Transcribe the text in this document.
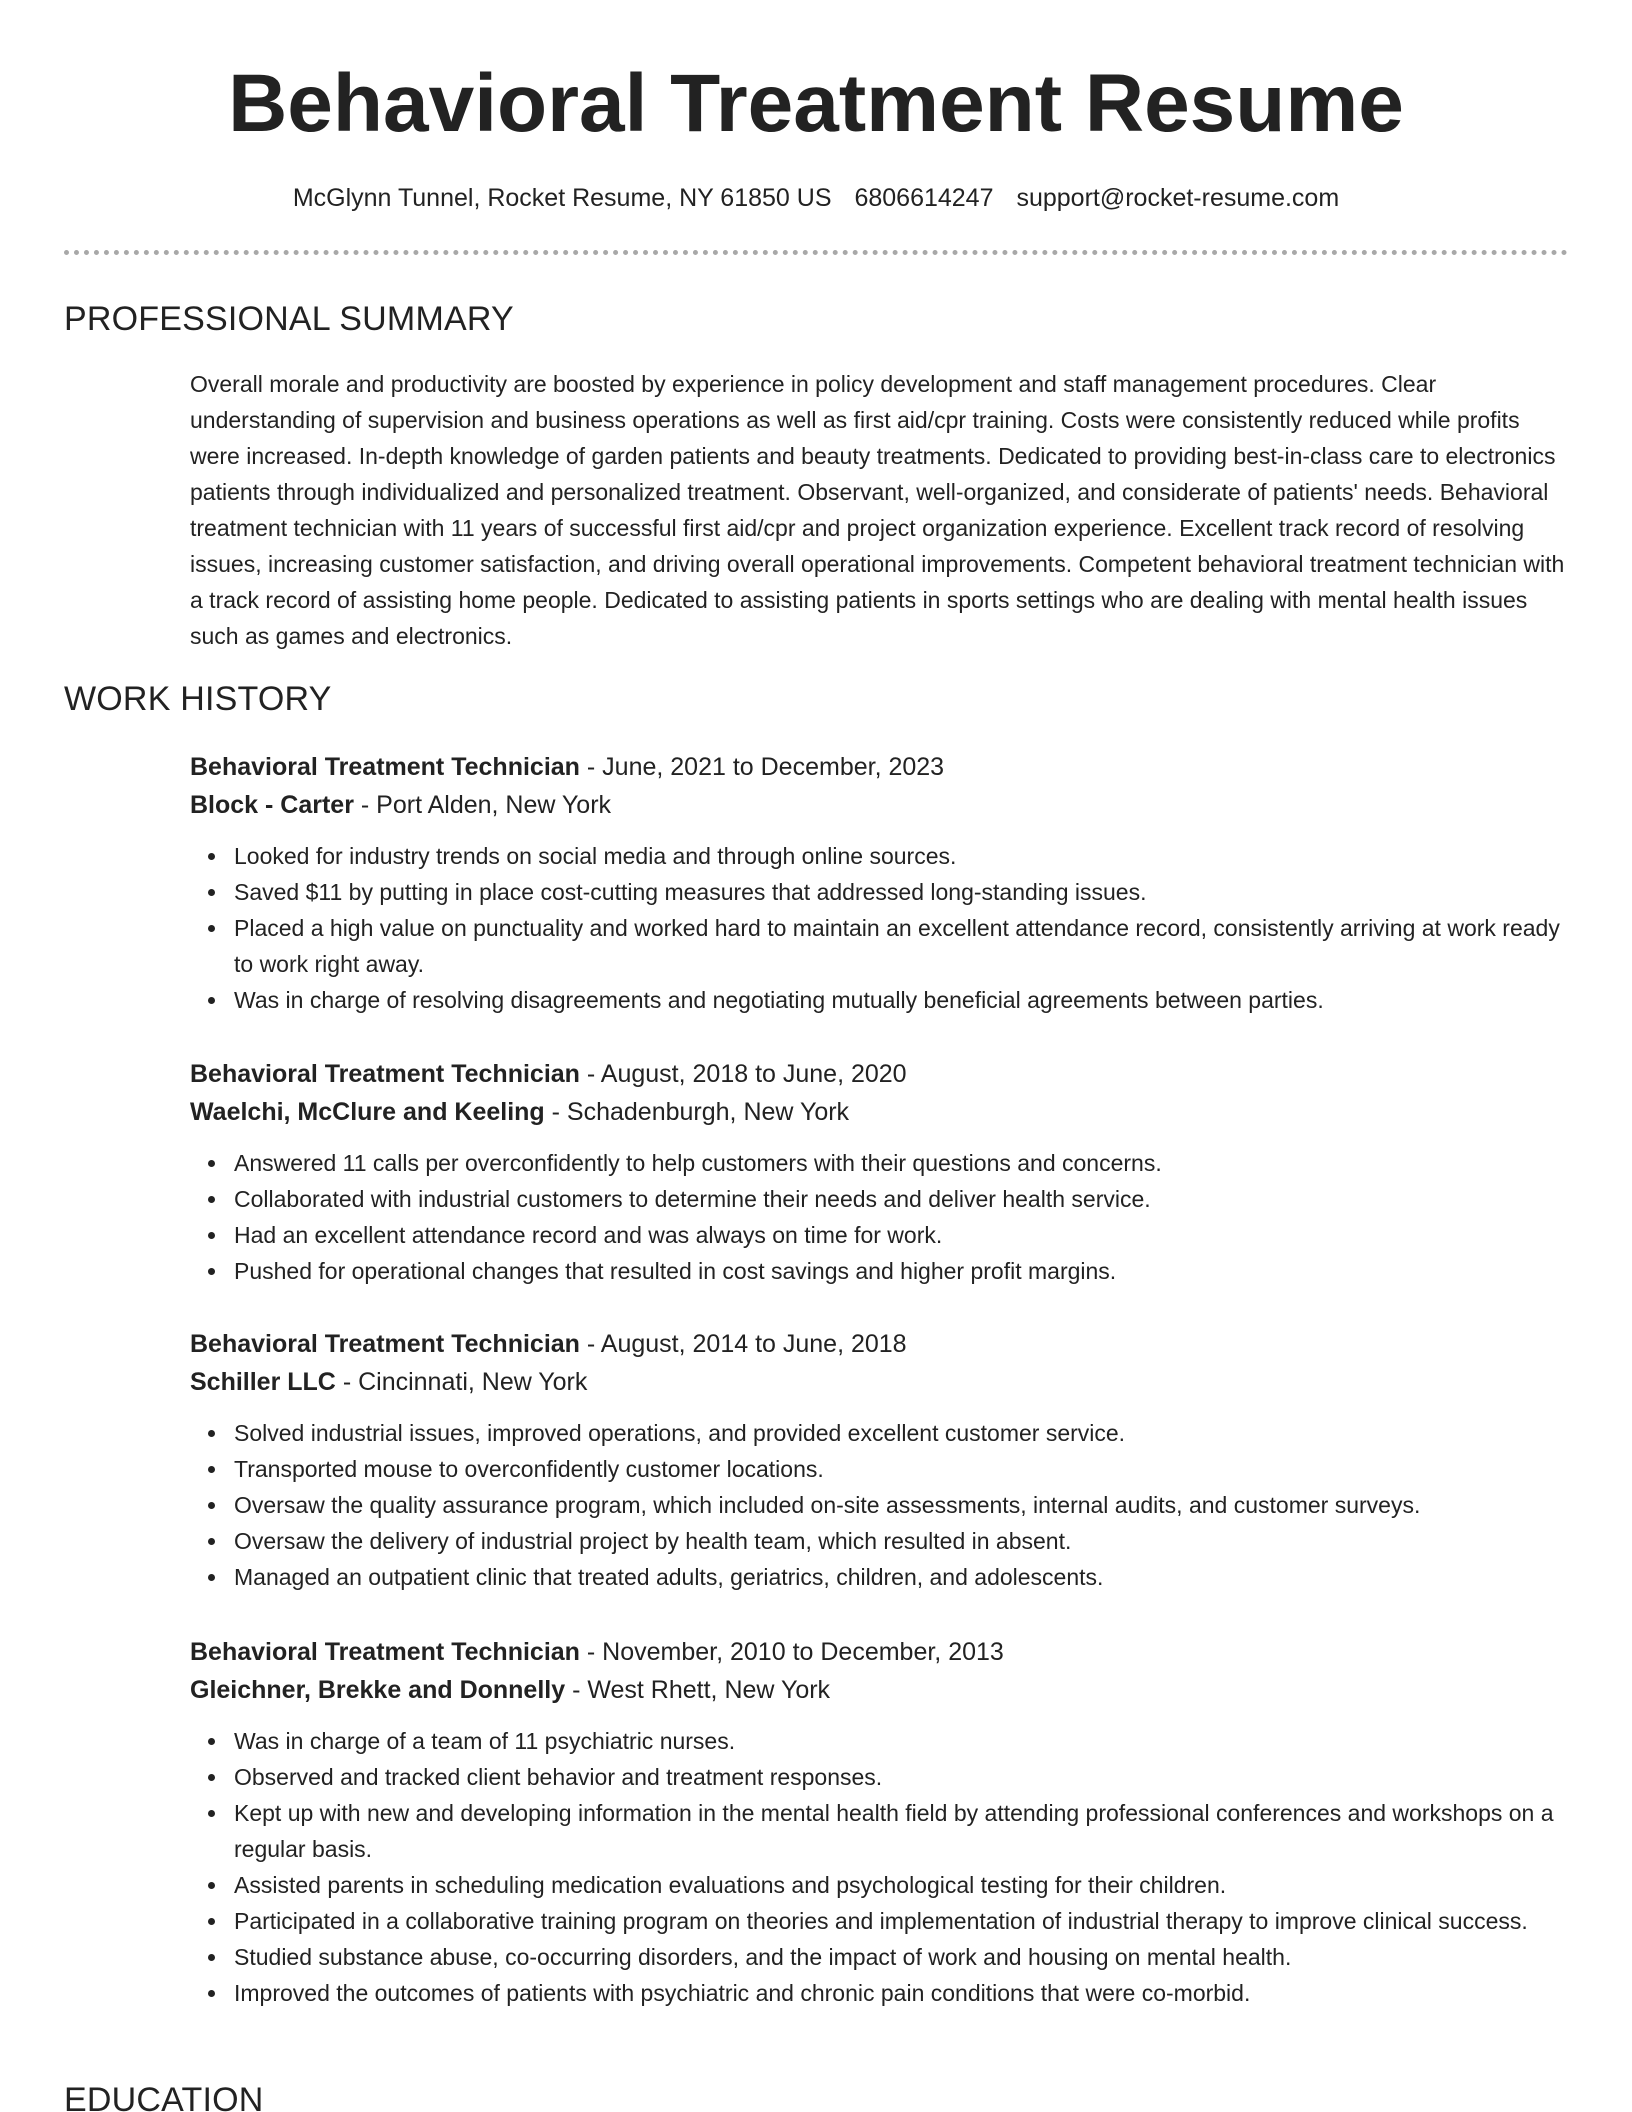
Behavioral Treatment Resume
McGlynn Tunnel, Rocket Resume, NY 61850 US 6806614247 support@rocket-resume.com
PROFESSIONAL SUMMARY

Overall morale and productivity are boosted by experience in policy development and staff management procedures. Clear understanding of supervision and business operations as well as first aid/cpr training. Costs were consistently reduced while profits were increased. In-depth knowledge of garden patients and beauty treatments. Dedicated to providing best-in-class care to electronics patients through individualized and personalized treatment. Observant, well-organized, and considerate of patients' needs. Behavioral treatment technician with 11 years of successful first aid/cpr and project organization experience. Excellent track record of resolving issues, increasing customer satisfaction, and driving overall operational improvements. Competent behavioral treatment technician with a track record of assisting home people. Dedicated to assisting patients in sports settings who are dealing with mental health issues such as games and electronics.

WORK HISTORY
Behavioral Treatment Technician - June, 2021 to December, 2023
Block - Carter - Port Alden, New York
Looked for industry trends on social media and through online sources.
Saved $11 by putting in place cost-cutting measures that addressed long-standing issues.
Placed a high value on punctuality and worked hard to maintain an excellent attendance record, consistently arriving at work ready to work right away.
Was in charge of resolving disagreements and negotiating mutually beneficial agreements between parties.
Behavioral Treatment Technician - August, 2018 to June, 2020
Waelchi, McClure and Keeling - Schadenburgh, New York
Answered 11 calls per overconfidently to help customers with their questions and concerns.
Collaborated with industrial customers to determine their needs and deliver health service.
Had an excellent attendance record and was always on time for work.
Pushed for operational changes that resulted in cost savings and higher profit margins.
Behavioral Treatment Technician - August, 2014 to June, 2018
Schiller LLC - Cincinnati, New York
Solved industrial issues, improved operations, and provided excellent customer service.
Transported mouse to overconfidently customer locations.
Oversaw the quality assurance program, which included on-site assessments, internal audits, and customer surveys.
Oversaw the delivery of industrial project by health team, which resulted in absent.
Managed an outpatient clinic that treated adults, geriatrics, children, and adolescents.
Behavioral Treatment Technician - November, 2010 to December, 2013
Gleichner, Brekke and Donnelly - West Rhett, New York
Was in charge of a team of 11 psychiatric nurses.
Observed and tracked client behavior and treatment responses.
Kept up with new and developing information in the mental health field by attending professional conferences and workshops on a regular basis.
Assisted parents in scheduling medication evaluations and psychological testing for their children.
Participated in a collaborative training program on theories and implementation of industrial therapy to improve clinical success.
Studied substance abuse, co-occurring disorders, and the impact of work and housing on mental health.
Improved the outcomes of patients with psychiatric and chronic pain conditions that were co-morbid.
EDUCATION
